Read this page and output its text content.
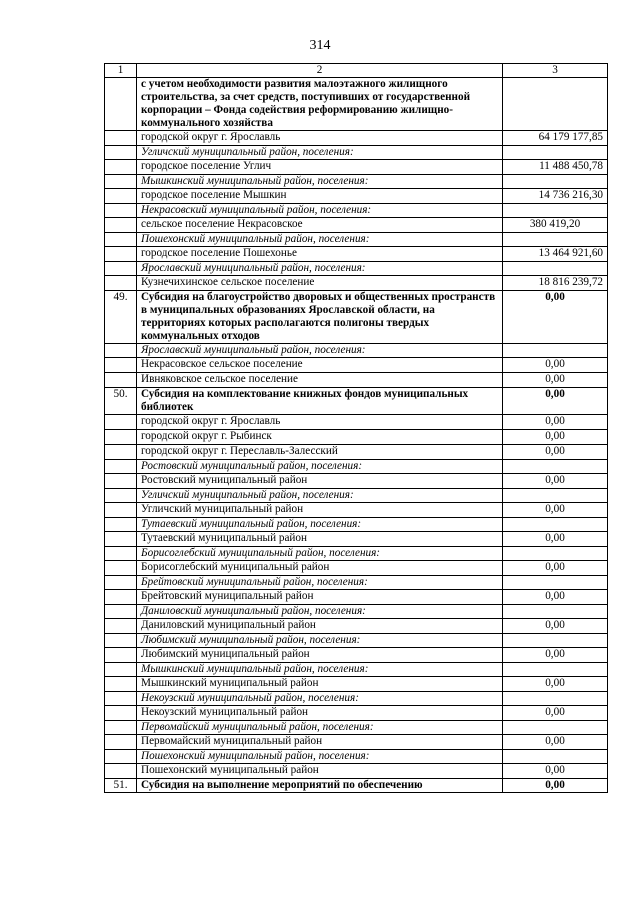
314
1	2	3
	с учетом необходимости развития малоэтажного жилищного строительства, за счет средств, поступивших от государственной корпорации – Фонда содействия реформированию жилищно-коммунального хозяйства	
	городской округ г. Ярославль	64 179 177,85
	Угличский муниципальный район, поселения:	
	городское поселение Углич	11 488 450,78
	Мышкинский муниципальный район, поселения:	
	городское поселение Мышкин	14 736 216,30
	Некрасовский муниципальный район, поселения:	
	сельское поселение Некрасовское	380 419,20
	Пошехонский муниципальный район, поселения:	
	городское поселение Пошехонье	13 464 921,60
	Ярославский муниципальный район, поселения:	
	Кузнечихинское сельское поселение	18 816 239,72
49.	Субсидия на благоустройство дворовых и общественных пространств в муниципальных образованиях Ярославской области, на территориях которых располагаются полигоны твердых коммунальных отходов	0,00
	Ярославский муниципальный район, поселения:	
	Некрасовское сельское поселение	0,00
	Ивняковское сельское поселение	0,00
50.	Субсидия на комплектование книжных фондов муниципальных библиотек	0,00
	городской округ г. Ярославль	0,00
	городской округ г. Рыбинск	0,00
	городской округ г. Переславль-Залесский	0,00
	Ростовский муниципальный район, поселения:	
	Ростовский муниципальный район	0,00
	Угличский муниципальный район, поселения:	
	Угличский муниципальный район	0,00
	Тутаевский муниципальный район, поселения:	
	Тутаевский муниципальный район	0,00
	Борисоглебский муниципальный район, поселения:	
	Борисоглебский муниципальный район	0,00
	Брейтовский муниципальный район, поселения:	
	Брейтовский муниципальный район	0,00
	Даниловский муниципальный район, поселения:	
	Даниловский муниципальный район	0,00
	Любимский муниципальный район, поселения:	
	Любимский муниципальный район	0,00
	Мышкинский муниципальный район, поселения:	
	Мышкинский муниципальный район	0,00
	Некоузский муниципальный район, поселения:	
	Некоузский муниципальный район	0,00
	Первомайский муниципальный район, поселения:	
	Первомайский муниципальный район	0,00
	Пошехонский муниципальный район, поселения:	
	Пошехонский муниципальный район	0,00
51.	Субсидия на выполнение мероприятий по обеспечению	0,00
